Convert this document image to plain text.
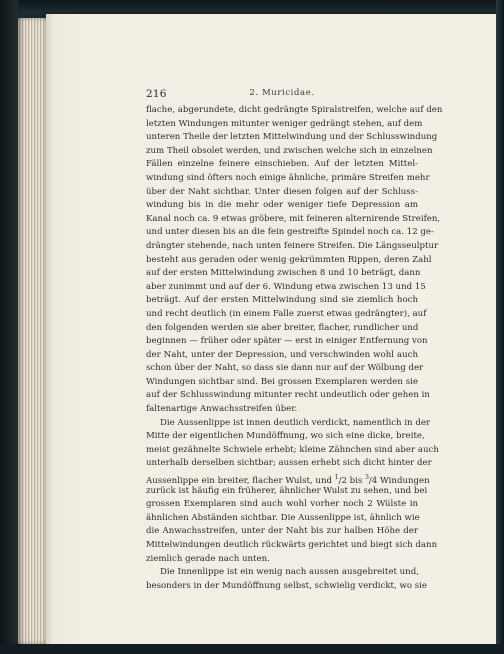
216	2. Muricidae.
flache, abgerundete, dicht gedrängte Spiralstreifen, welche auf den
letzten Windungen mitunter weniger gedrängt stehen, auf dem
unteren Theile der letzten Mittelwindung und der Schlusswindung
zum Theil obsolet werden, und zwischen welche sich in einzelnen
Fällen einzelne feinere einschieben. Auf der letzten Mittel-
windung sind öfters noch einige ähnliche, primäre Streifen mehr
über der Naht sichtbar. Unter diesen folgen auf der Schluss-
windung bis in die mehr oder weniger tiefe Depression am
Kanal noch ca. 9 etwas gröbere, mit feineren alternirende Streifen,
und unter diesen bis an die fein gestreifte Spindel noch ca. 12 ge-
drängter stehende, nach unten feinere Streifen. Die Längsseulptur
besteht aus geraden oder wenig gekrümmten Rippen, deren Zahl
auf der ersten Mittelwindung zwischen 8 und 10 beträgt, dann
aber zunimmt und auf der 6. Windung etwa zwischen 13 und 15
beträgt. Auf der ersten Mittelwindung sind sie ziemlich hoch
und recht deutlich (in einem Falle zuerst etwas gedrängter), auf
den folgenden werden sie aber breiter, flacher, rundlicher und
beginnen — früher oder später — erst in einiger Entfernung von
der Naht, unter der Depression, und verschwinden wohl auch
schon über der Naht, so dass sie dann nur auf der Wölbung der
Windungen sichtbar sind. Bei grossen Exemplaren werden sie
auf der Schlusswindung mitunter recht undeutlich oder gehen in
faltenartige Anwachsstreifen über.
Die Aussenlippe ist innen deutlich verdickt, namentlich in der
Mitte der eigentlichen Mundöffnung, wo sich eine dicke, breite,
meist gezähnelte Schwiele erhebt; kleine Zähnchen sind aber auch
unterhalb derselben sichtbar; aussen erhebt sich dicht hinter der
Aussenlippe ein breiter, flacher Wulst, und $^1$/2 bis $^3$/4 Windungen
zurück ist häufig ein früherer, ähnlicher Wulst zu sehen, und bei
grossen Exemplaren sind auch wohl vorher noch 2 Wülste in
ähnlichen Abständen sichtbar. Die Aussenlippe ist, ähnlich wie
die Anwachsstreifen, unter der Naht bis zur halben Höhe der
Mittelwindungen deutlich rückwärts gerichtet und biegt sich dann
ziemlich gerade nach unten.
Die Innenlippe ist ein wenig nach aussen ausgebreitet und,
besonders in der Mundöffnung selbst, schwielig verdickt, wo sie
